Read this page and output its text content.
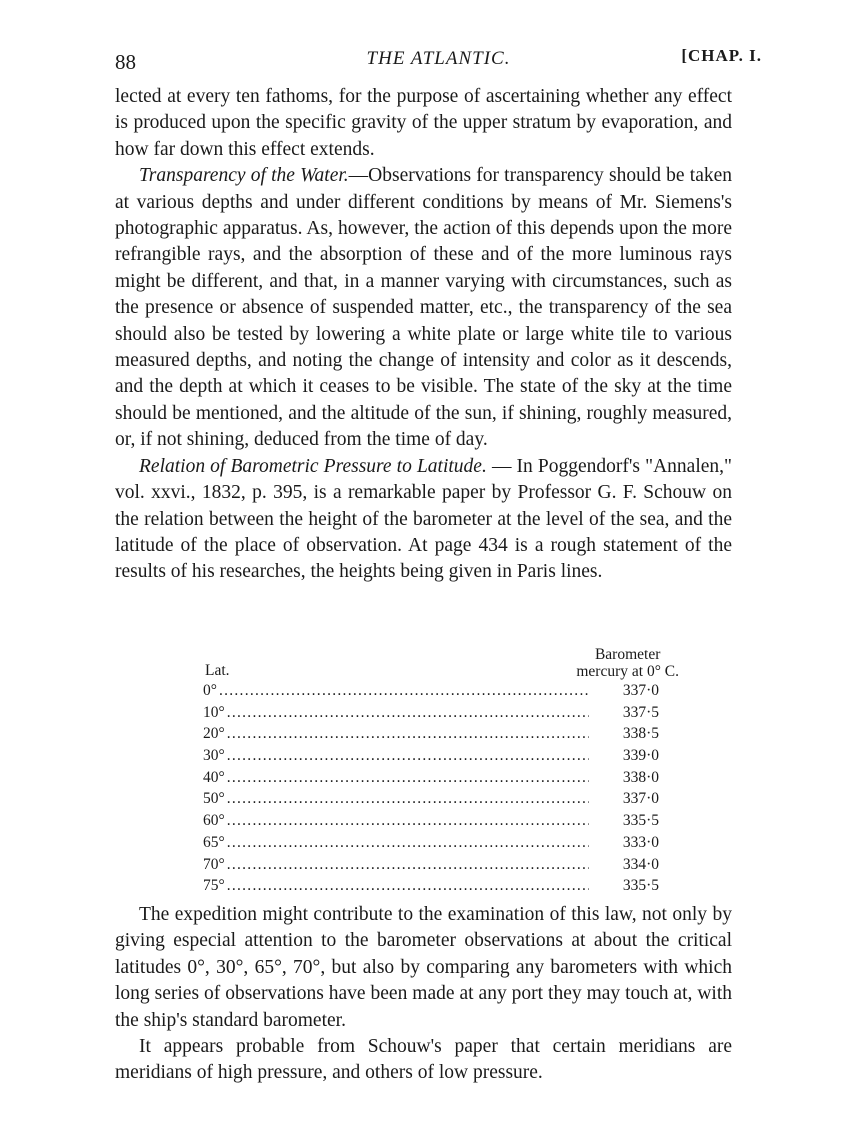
88	THE ATLANTIC.	[CHAP. I.

lected at every ten fathoms, for the purpose of ascertaining whether any effect is produced upon the specific gravity of the upper stratum by evaporation, and how far down this effect extends.

Transparency of the Water.—Observations for transparency should be taken at various depths and under different conditions by means of Mr. Siemens's photographic apparatus. As, however, the action of this depends upon the more refrangible rays, and the absorption of these and of the more luminous rays might be different, and that, in a manner varying with circumstances, such as the presence or absence of suspended matter, etc., the transparency of the sea should also be tested by lowering a white plate or large white tile to various measured depths, and noting the change of intensity and color as it descends, and the depth at which it ceases to be visible. The state of the sky at the time should be mentioned, and the altitude of the sun, if shining, roughly measured, or, if not shining, deduced from the time of day.

Relation of Barometric Pressure to Latitude. — In Poggendorf's "Annalen," vol. xxvi., 1832, p. 395, is a remarkable paper by Professor G. F. Schouw on the relation between the height of the barometer at the level of the sea, and the latitude of the place of observation. At page 434 is a rough statement of the results of his researches, the heights being given in Paris lines.

Lat.
Barometer
mercury at 0° C.
0° . . .	337·0
10° . . .	337·5
20° . . .	338·5
30° . . .	339·0
40° . . .	338·0
50° . . .	337·0
60° . . .	335·5
65° . . .	333·0
70° . . .	334·0
75° . . .	335·5

The expedition might contribute to the examination of this law, not only by giving especial attention to the barometer observations at about the critical latitudes 0°, 30°, 65°, 70°, but also by comparing any barometers with which long series of observations have been made at any port they may touch at, with the ship's standard barometer.

It appears probable from Schouw's paper that certain meridians are meridians of high pressure, and others of low pressure.
